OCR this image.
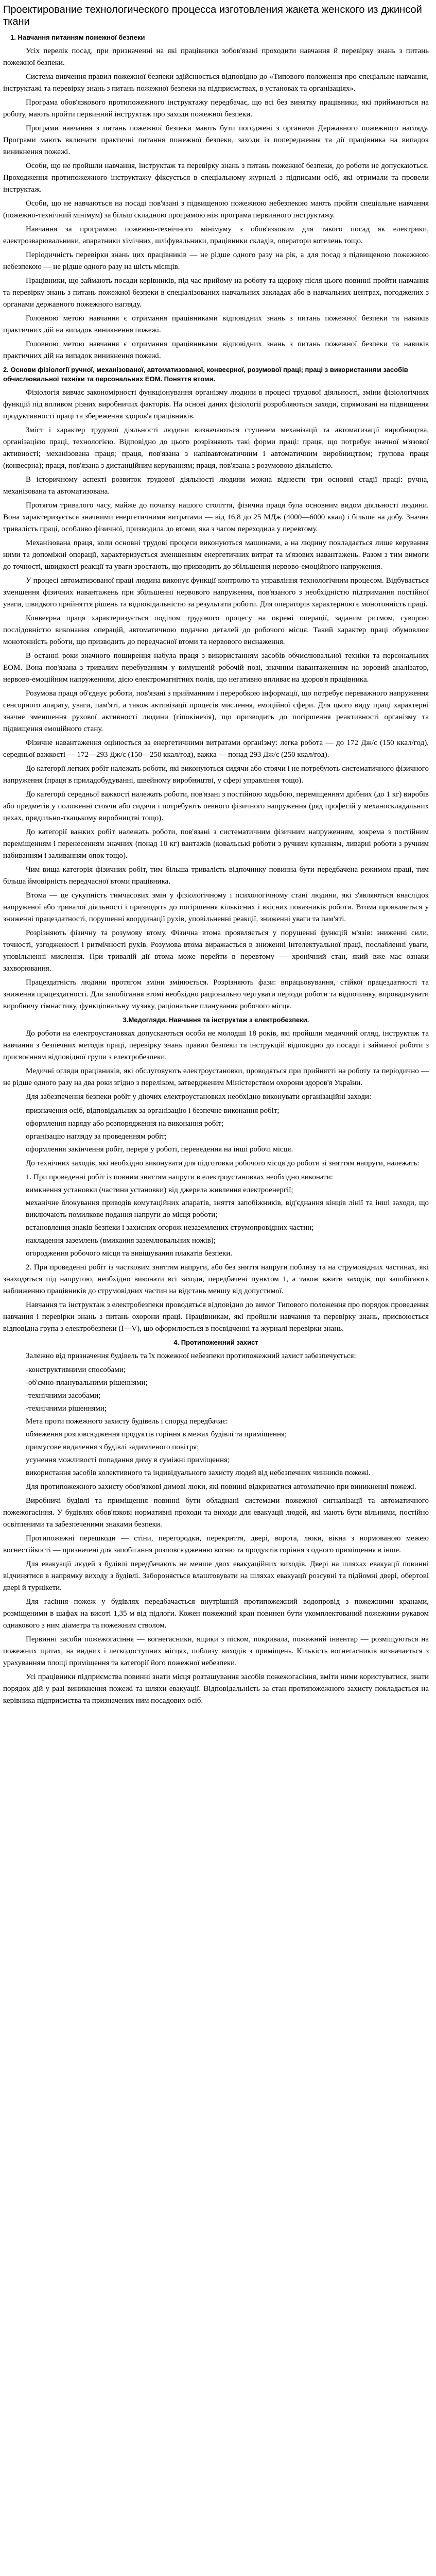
Проектирование технологического процесса изготовления жакета женского из джинсой ткани
1. Навчання питанням пожежної безпеки

Усіх перелік посад, при призначенні на які працівники зобов'язані проходити навчання й перевірку знань з питань пожежної безпеки.

Система вивчення правил пожежної безпеки здійснюється відповідно до «Типового положення про спеціальне навчання, інструктажі та перевірку знань з питань пожежної безпеки на підприємствах, в установах та організаціях».

Програма обов'язкового протипожежного інструктажу передбачає, що всі без винятку працівники, які приймаються на роботу, мають пройти первинний інструктаж про заходи пожежної безпеки.

Програми навчання з питань пожежної безпеки мають бути погоджені з органами Державного пожежного нагляду. Програми мають включати практичні питання пожежної безпеки, заходи із попередження та дії працівника на випадок виникнення пожежі.

Особи, що не пройшли навчання, інструктаж та перевірку знань з питань пожежної безпеки, до роботи не допускаються. Проходження протипожежного інструктажу фіксується в спеціальному журналі з підписами осіб, які отримали та провели інструктаж.

Особи, що не навчаються на посаді пов'язані з підвищеною пожежною небезпекою мають пройти спеціальне навчання (пожежно-технічний мінімум) за більш складною програмою ніж програма первинного інструктажу.

Навчання за програмою пожежно-технічного мінімуму з обов'язковим для такого посад як електрики, електрозварювальники, апаратники хімічних, шліфувальники, працівники складів, оператори котелень тощо.

Періодичність перевірки знань цих працівників — не рідше одного разу на рік, а для посад з підвищеною пожежною небезпекою — не рідше одного разу на шість місяців.

Працівники, що займають посади керівників, під час прийому на роботу та щороку після цього повинні пройти навчання та перевірку знань з питань пожежної безпеки в спеціалізованих навчальних закладах або в навчальних центрах, погоджених з органами державного пожежного нагляду.

Головною метою навчання є отримання працівниками відповідних знань з питань пожежної безпеки та навиків практичних дій на випадок виникнення пожежі.

Головною метою навчання є отримання працівниками відповідних знань з питань пожежної безпеки та навиків практичних дій на випадок виникнення пожежі.

2. Основи фізіології ручної, механізованої, автоматизованої, конвеєрної, розумової праці; праці з використанням засобів обчислювальної техніки та персональних ЕОМ. Поняття втоми.

Фізіологія вивчає закономірності функціонування організму людини в процесі трудової діяльності, зміни фізіологічних функцій під впливом різних виробничих факторів. На основі даних фізіології розробляються заходи, спрямовані на підвищення продуктивності праці та збереження здоров'я працівників.

Зміст і характер трудової діяльності людини визначаються ступенем механізації та автоматизації виробництва, організацією праці, технологією. Відповідно до цього розрізняють такі форми праці: праця, що потребує значної м'язової активності; механізована праця; праця, пов'язана з напівавтоматичним і автоматичним виробництвом; групова праця (конвеєрна); праця, пов'язана з дистанційним керуванням; праця, пов'язана з розумовою діяльністю.

В історичному аспекті розвиток трудової діяльності людини можна віднести три основні стадії праці: ручна, механізована та автоматизована.

Протягом тривалого часу, майже до початку нашого століття, фізична праця була основним видом діяльності людини. Вона характеризується значними енергетичними витратами — від 16,8 до 25 МДж (4000—6000 ккал) і більше на добу. Значна тривалість праці, особливо фізичної, призводила до втоми, яка з часом переходила у перевтому.

Механізована праця, коли основні трудові процеси виконуються машинами, а на людину покладається лише керування ними та допоміжні операції, характеризується зменшенням енергетичних витрат та м'язових навантажень. Разом з тим вимоги до точності, швидкості реакції та уваги зростають, що призводить до збільшення нервово-емоційного напруження.

У процесі автоматизованої праці людина виконує функції контролю та управління технологічним процесом. Відбувається зменшення фізичних навантажень при збільшенні нервового напруження, пов'язаного з необхідністю підтримання постійної уваги, швидкого прийняття рішень та відповідальністю за результати роботи. Для операторів характерною є монотонність праці.

Конвеєрна праця характеризується поділом трудового процесу на окремі операції, заданим ритмом, суворою послідовністю виконання операцій, автоматичною подачею деталей до робочого місця. Такий характер праці обумовлює монотонність роботи, що призводить до передчасної втоми та нервового виснаження.

В останні роки значного поширення набула праця з використанням засобів обчислювальної техніки та персональних ЕОМ. Вона пов'язана з тривалим перебуванням у вимушеній робочій позі, значним навантаженням на зоровий аналізатор, нервово-емоційним напруженням, дією електромагнітних полів, що негативно впливає на здоров'я працівника.

Розумова праця об'єднує роботи, пов'язані з прийманням і переробкою інформації, що потребує переважного напруження сенсорного апарату, уваги, пам'яті, а також активізації процесів мислення, емоційної сфери. Для цього виду праці характерні значне зменшення рухової активності людини (гіпокінезія), що призводить до погіршення реактивності організму та підвищення емоційного стану.

Фізичне навантаження оцінюється за енергетичними витратами організму: легка робота — до 172 Дж/с (150 ккал/год), середньої важкості — 172—293 Дж/с (150—250 ккал/год), важка — понад 293 Дж/с (250 ккал/год).

До категорії легких робіт належать роботи, які виконуються сидячи або стоячи і не потребують систематичного фізичного напруження (праця в приладобудуванні, швейному виробництві, у сфері управління тощо).

До категорії середньої важкості належать роботи, пов'язані з постійною ходьбою, переміщенням дрібних (до 1 кг) виробів або предметів у положенні стоячи або сидячи і потребують певного фізичного напруження (ряд професій у механоскладальних цехах, прядильно-ткацькому виробництві тощо).

До категорії важких робіт належать роботи, пов'язані з систематичним фізичним напруженням, зокрема з постійним переміщенням і перенесенням значних (понад 10 кг) вантажів (ковальські роботи з ручним куванням, ливарні роботи з ручним набиванням і заливанням опок тощо).

Чим вища категорія фізичних робіт, тим більша тривалість відпочинку повинна бути передбачена режимом праці, тим більша ймовірність передчасної втоми працівника.

Втома — це сукупність тимчасових змін у фізіологічному і психологічному стані людини, які з'являються внаслідок напруженої або тривалої діяльності і призводять до погіршення кількісних і якісних показників роботи. Втома проявляється у зниженні працездатності, порушенні координації рухів, уповільненні реакції, зниженні уваги та пам'яті.

Розрізняють фізичну та розумову втому. Фізична втома проявляється у порушенні функцій м'язів: зниженні сили, точності, узгодженості і ритмічності рухів. Розумова втома виражається в зниженні інтелектуальної праці, послабленні уваги, уповільненні мислення. При тривалій дії втома може перейти в перевтому — хронічний стан, який вже має ознаки захворювання.

Працездатність людини протягом зміни змінюється. Розрізняють фази: впрацьовування, стійкої працездатності та зниження працездатності. Для запобігання втомі необхідно раціонально чергувати періоди роботи та відпочинку, впроваджувати виробничу гімнастику, функціональну музику, раціональне планування робочого місця.

3.Медогляди. Навчання та інструктаж з електробезпеки.

До роботи на електроустановках допускаються особи не молодші 18 років, які пройшли медичний огляд, інструктаж та навчання з безпечних методів праці, перевірку знань правил безпеки та інструкцій відповідно до посади і займаної роботи з присвоєнням відповідної групи з електробезпеки.

Медичні огляди працівників, які обслуговують електроустановки, проводяться при прийнятті на роботу та періодично — не рідше одного разу на два роки згідно з переліком, затвердженим Міністерством охорони здоров'я України.

Для забезпечення безпеки робіт у діючих електроустановках необхідно виконувати організаційні заходи:

призначення осіб, відповідальних за організацію і безпечне виконання робіт;
оформлення наряду або розпорядження на виконання робіт;
організацію нагляду за проведенням робіт;
оформлення закінчення робіт, перерв у роботі, переведення на інші робочі місця.

До технічних заходів, які необхідно виконувати для підготовки робочого місця до роботи зі зняттям напруги, належать:

1. При проведенні робіт із повним зняттям напруги в електроустановках необхідно виконати:
вимкнення установки (частини установки) від джерела живлення електроенергії;
механічне блокування приводів комутаційних апаратів, зняття запобіжників, від'єднання кінців лінії та інші заходи, що виключають помилкове подання напруги до місця роботи;
встановлення знаків безпеки і захисних огорож незаземлених струмопровідних частин;
накладення заземлень (вмикання заземлювальних ножів);
огородження робочого місця та вивішування плакатів безпеки.

2. При проведенні робіт із частковим зняттям напруги, або без зняття напруги поблизу та на струмовідних частинах, які знаходяться під напругою, необхідно виконати всі заходи, передбачені пунктом 1, а також вжити заходів, що запобігають наближенню працівників до струмовідних частин на відстань меншу від допустимої.

Навчання та інструктаж з електробезпеки проводяться відповідно до вимог Типового положення про порядок проведення навчання і перевірки знань з питань охорони праці. Працівникам, які пройшли навчання та перевірку знань, присвоюється відповідна група з електробезпеки (І—V), що оформлюється в посвідченні та журналі перевірки знань.

4. Протипожежний захист

Залежно від призначення будівель та їх пожежної небезпеки протипожежний захист забезпечується:

-конструктивними способами;
-об'ємно-планувальними рішеннями;
-технічними засобами;
-технічними рішеннями;
Мета проти пожежного захисту будівель і споруд передбачає:
обмеження розповсюдження продуктів горіння в межах будівлі та приміщення;
примусове видалення з будівлі задимленого повітря;
усунення можливості попадання диму в суміжні приміщення;
використання засобів колективного та індивідуального захисту людей від небезпечних чинників пожежі.

Для протипожежного захисту обов'язкові димові люки, які повинні відкриватися автоматично при виникненні пожежі.

Виробничі будівлі та приміщення повинні бути обладнані системами пожежної сигналізації та автоматичного пожежогасіння. У будівлях обов'язкові нормативні проходи та виходи для евакуації людей, які мають бути вільними, постійно освітленими та забезпеченими знаками безпеки.

Протипожежні перешкоди — стіни, перегородки, перекриття, двері, ворота, люки, вікна з нормованою межею вогнестійкості — призначені для запобігання розповсюдженню вогню та продуктів горіння з одного приміщення в інше.

Для евакуації людей з будівлі передбачають не менше двох евакуаційних виходів. Двері на шляхах евакуації повинні відчинятися в напрямку виходу з будівлі. Забороняється влаштовувати на шляхах евакуації розсувні та підйомні двері, обертові двері й турнікети.

Для гасіння пожеж у будівлях передбачається внутрішній протипожежний водопровід з пожежними кранами, розміщеними в шафах на висоті 1,35 м від підлоги. Кожен пожежний кран повинен бути укомплектований пожежним рукавом однакового з ним діаметра та пожежним стволом.

Первинні засоби пожежогасіння — вогнегасники, ящики з піском, покривала, пожежний інвентар — розміщуються на пожежних щитах, на видних і легкодоступних місцях, поблизу виходів з приміщень. Кількість вогнегасників визначається з урахуванням площі приміщення та категорії його пожежної небезпеки.

Усі працівники підприємства повинні знати місця розташування засобів пожежогасіння, вміти ними користуватися, знати порядок дій у разі виникнення пожежі та шляхи евакуації. Відповідальність за стан протипожежного захисту покладається на керівника підприємства та призначених ним посадових осіб.
